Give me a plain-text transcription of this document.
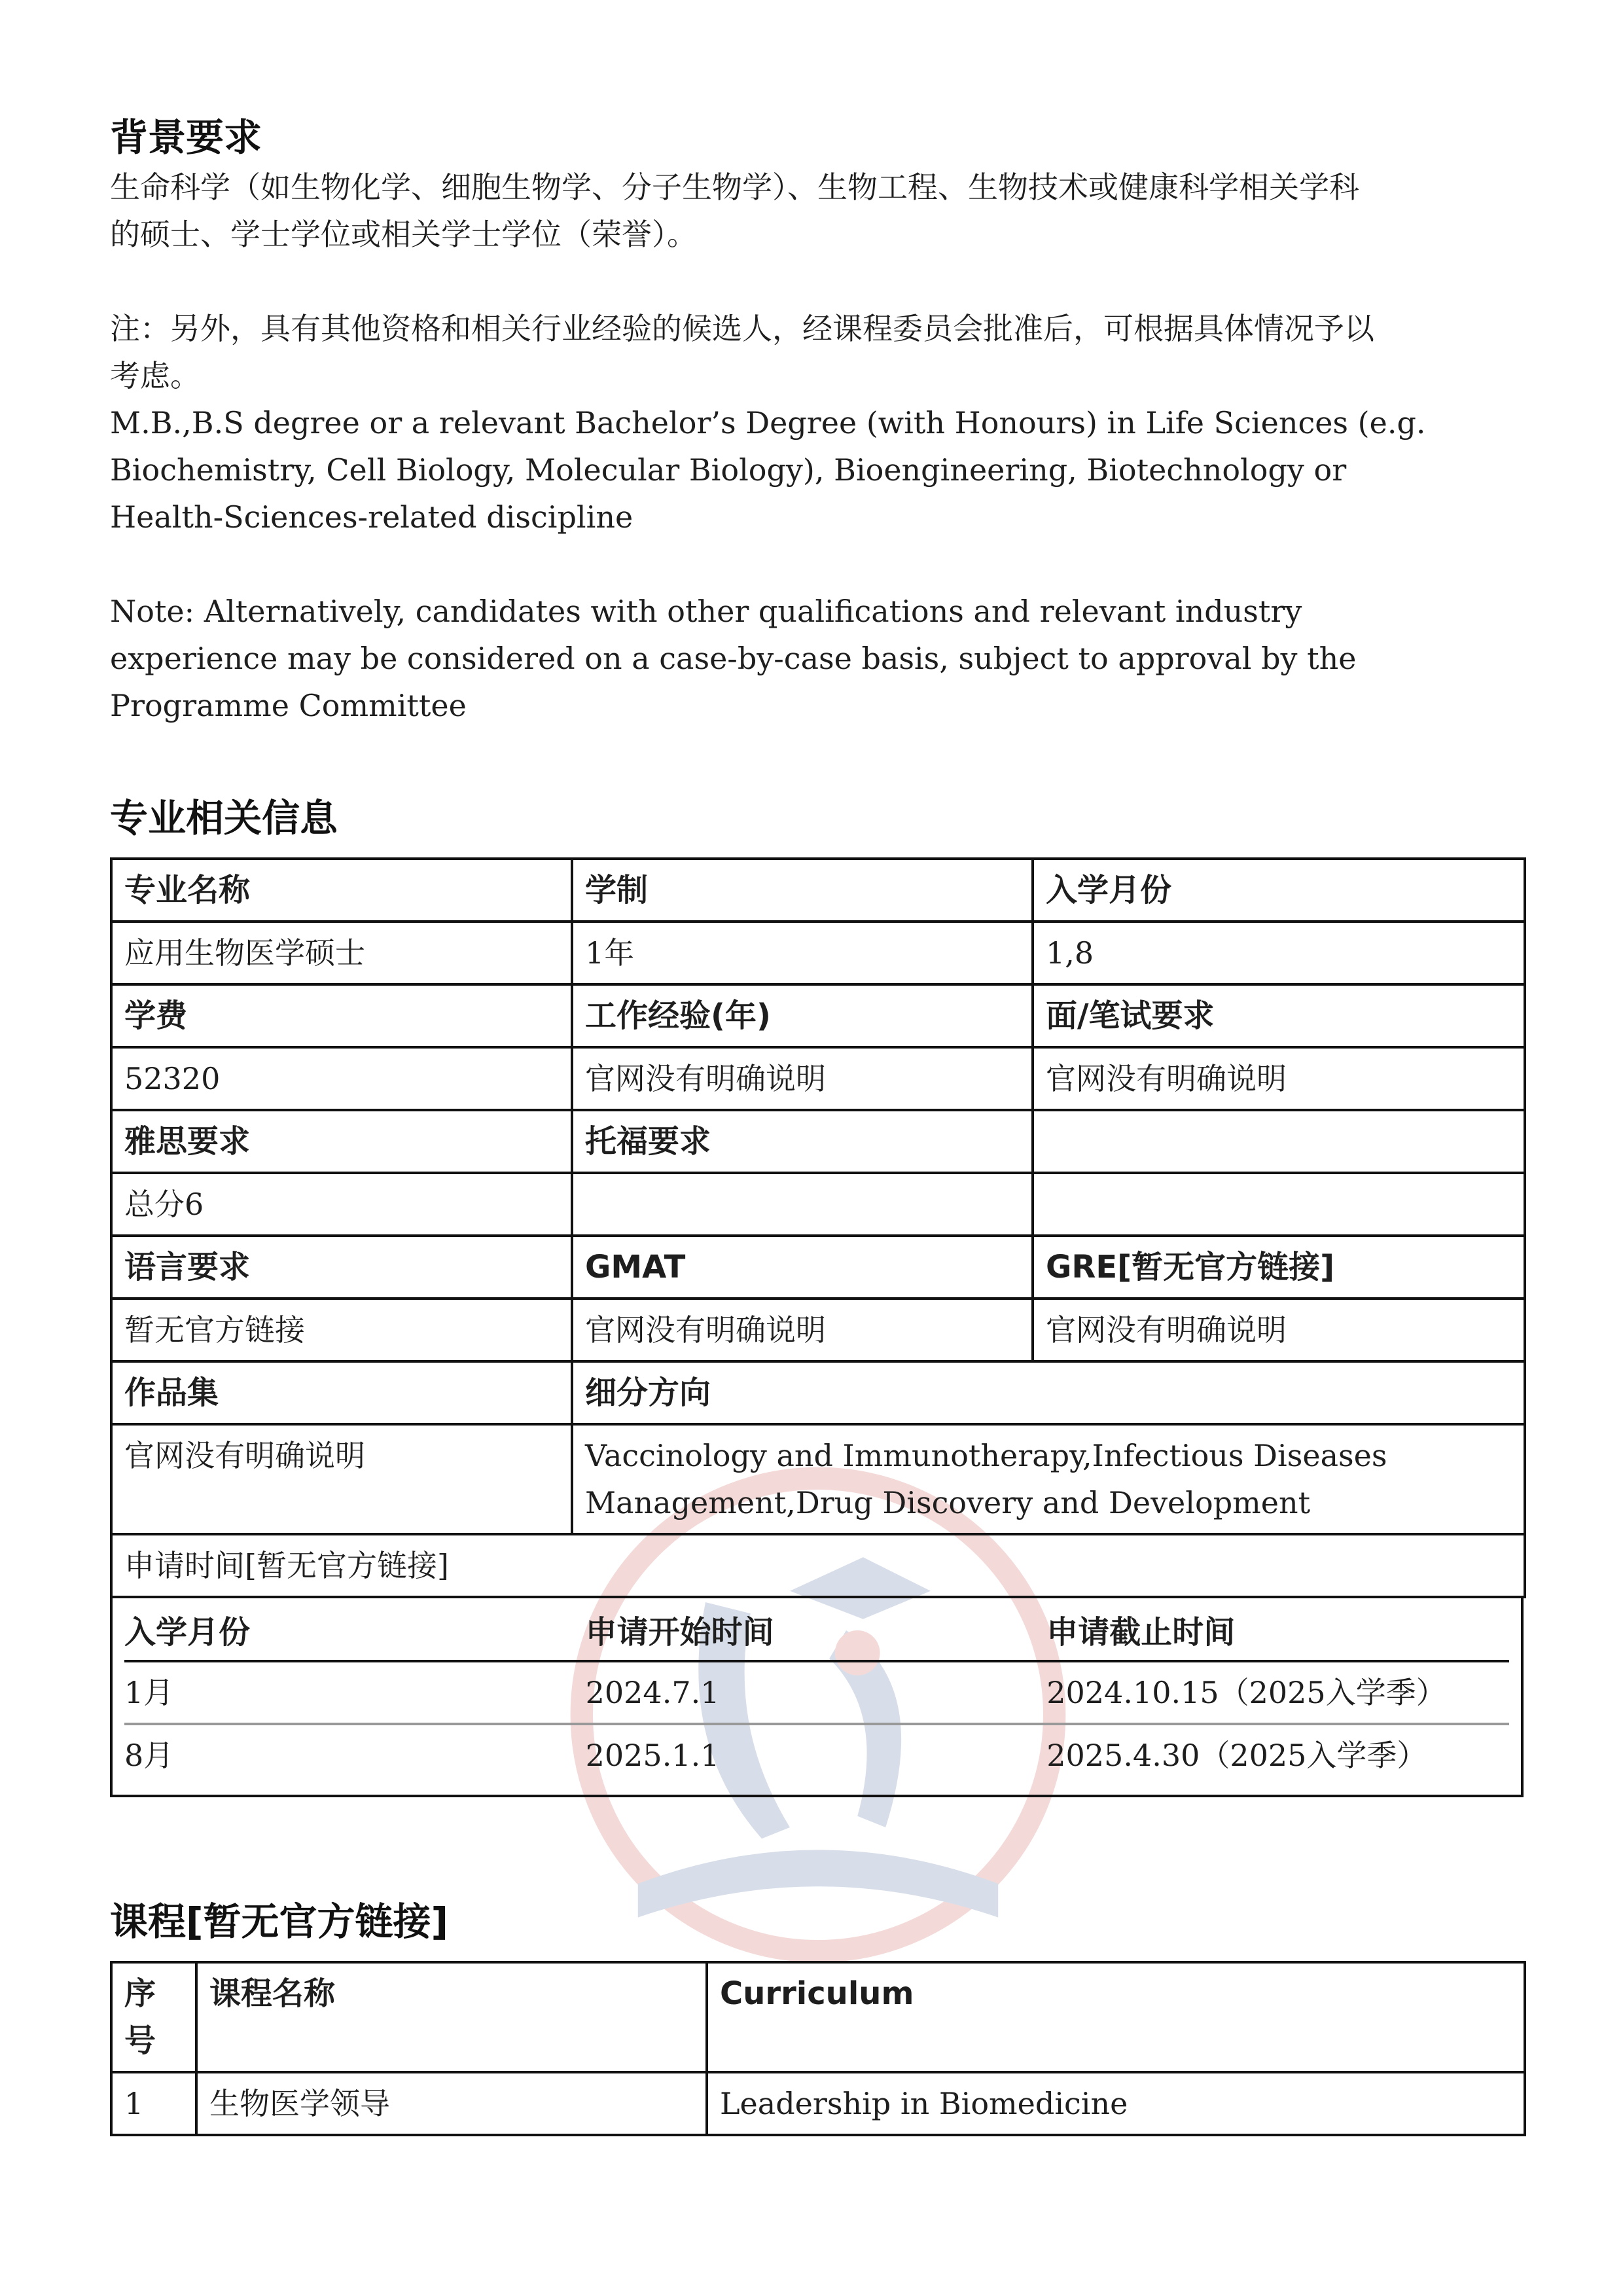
背景要求

生命科学（如生物化学、细胞生物学、分子生物学）、生物工程、生物技术或健康科学相关学科

的硕士、学士学位或相关学士学位（荣誉）。

注：另外，具有其他资格和相关行业经验的候选人，经课程委员会批准后，可根据具体情况予以

考虑。

M.B.,B.S degree or a relevant Bachelor’s Degree (with Honours) in Life Sciences (e.g.

Biochemistry, Cell Biology, Molecular Biology), Bioengineering, Biotechnology or

Health-Sciences-related discipline

Note: Alternatively, candidates with other qualifications and relevant industry

experience may be considered on a case-by-case basis, subject to approval by the

Programme Committee

专业相关信息
专业名称	学制	入学月份
应用生物医学硕士	1年	1,8
学费	工作经验(年)	面/笔试要求
52320	官网没有明确说明	官网没有明确说明
雅思要求	托福要求	
总分6		
语言要求	GMAT	GRE[暂无官方链接]
暂无官方链接	官网没有明确说明	官网没有明确说明
作品集	细分方向	
官网没有明确说明	Vaccinology and Immunotherapy,Infectious Diseases Management,Drug Discovery and Development	
申请时间[暂无官方链接]		
入学月份	申请开始时间	申请截止时间
1月	2024.7.1	2024.10.15（2025入学季）
8月	2025.1.1	2025.4.30（2025入学季）
课程[暂无官方链接]
序号	课程名称	Curriculum
1	生物医学领导	Leadership in Biomedicine
